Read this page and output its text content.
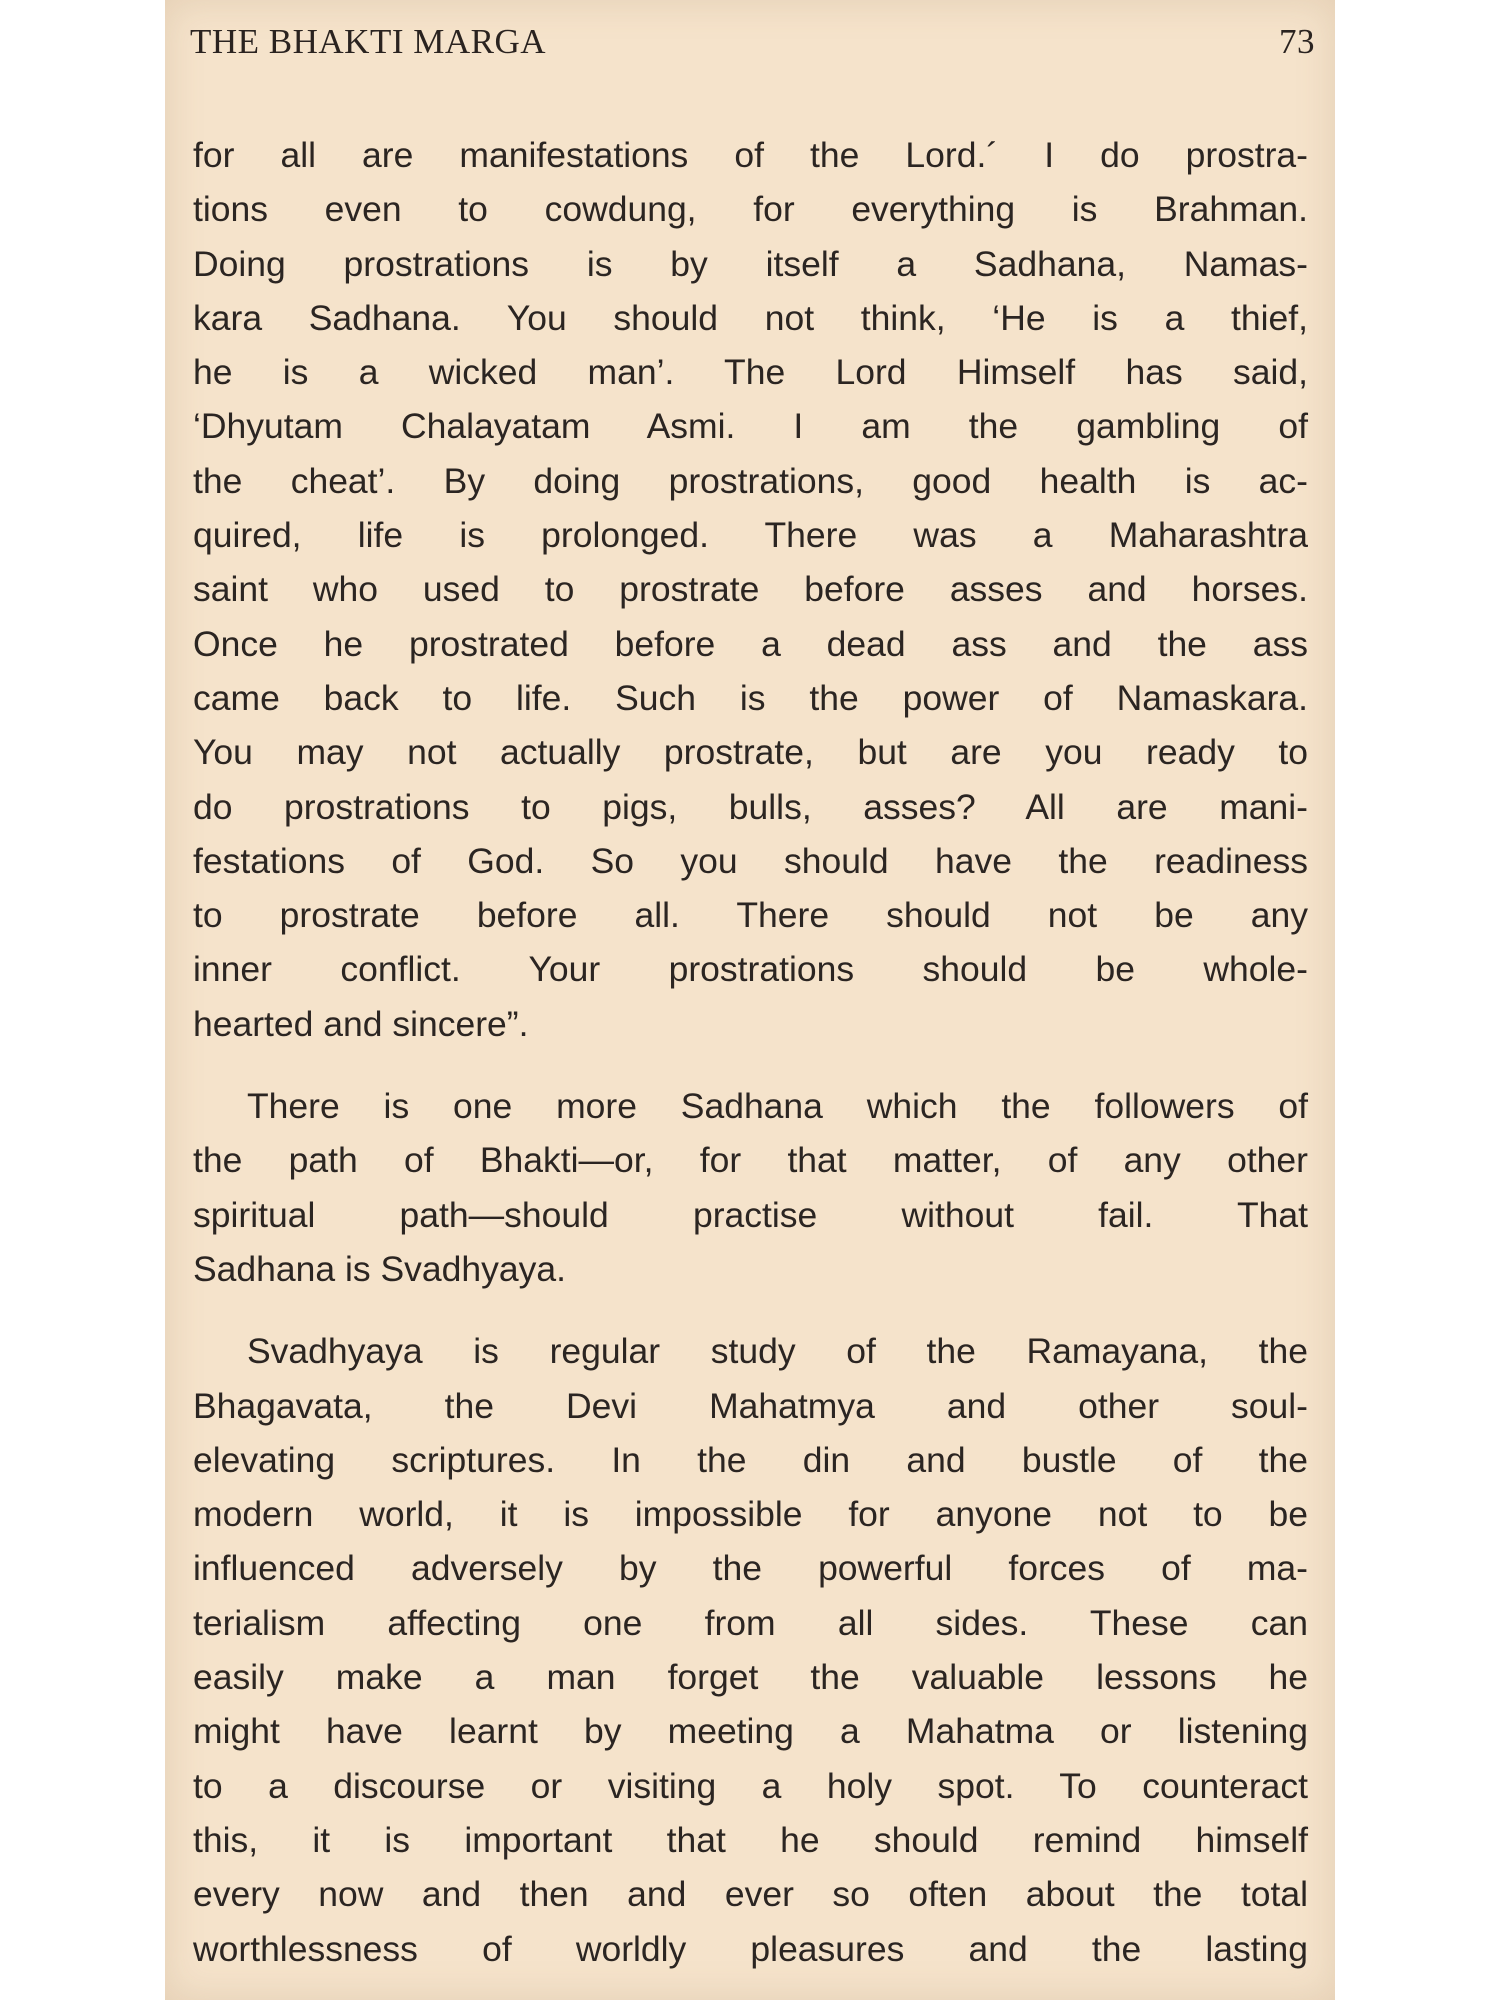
THE BHAKTI MARGA	73
for all are manifestations of the Lord.´ I do prostra-
tions even to cowdung, for everything is Brahman.
Doing prostrations is by itself a Sadhana, Namas-
kara Sadhana. You should not think, ‘He is a thief,
he is a wicked man’. The Lord Himself has said,
‘Dhyutam Chalayatam Asmi. I am the gambling of
the cheat’. By doing prostrations, good health is ac-
quired, life is prolonged. There was a Maharashtra
saint who used to prostrate before asses and horses.
Once he prostrated before a dead ass and the ass
came back to life. Such is the power of Namaskara.
You may not actually prostrate, but are you ready to
do prostrations to pigs, bulls, asses? All are mani-
festations of God. So you should have the readiness
to prostrate before all. There should not be any
inner conflict. Your prostrations should be whole-
hearted and sincere”.
There is one more Sadhana which the followers of
the path of Bhakti—or, for that matter, of any other
spiritual path—should practise without fail. That
Sadhana is Svadhyaya.
Svadhyaya is regular study of the Ramayana, the
Bhagavata, the Devi Mahatmya and other soul-
elevating scriptures. In the din and bustle of the
modern world, it is impossible for anyone not to be
influenced adversely by the powerful forces of ma-
terialism affecting one from all sides. These can
easily make a man forget the valuable lessons he
might have learnt by meeting a Mahatma or listening
to a discourse or visiting a holy spot. To counteract
this, it is important that he should remind himself
every now and then and ever so often about the total
worthlessness of worldly pleasures and the lasting
